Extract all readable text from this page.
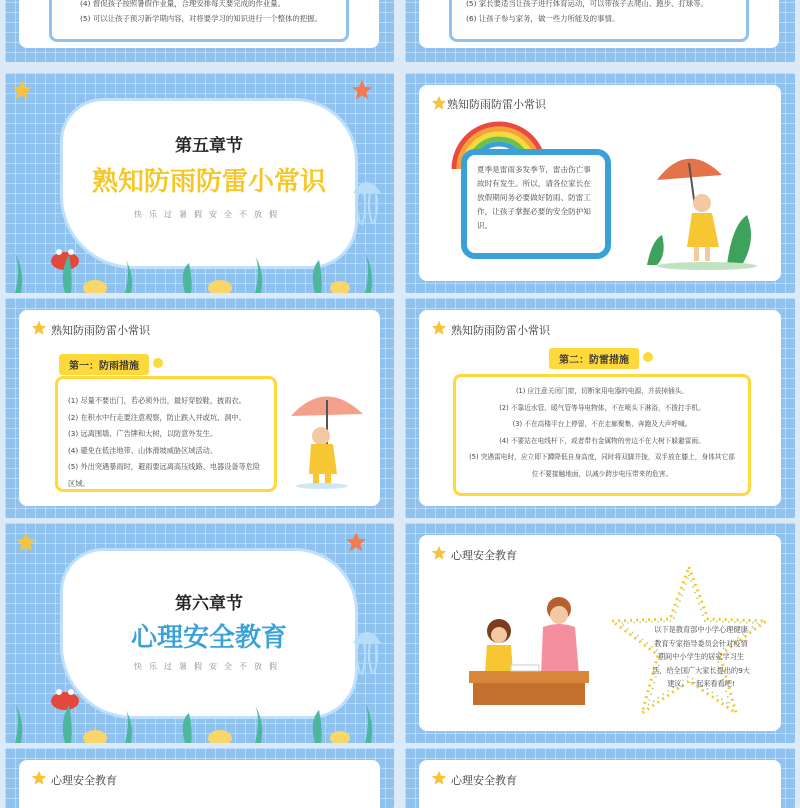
(4) 督促孩子按照暑假作业量，合理安排每天要完成的作业量。
(5) 可以让孩子预习新学期内容，对将要学习的知识进行一个整体的把握。
(5) 家长要适当让孩子进行体育运动，可以带孩子去爬山、跑步、打球等。
(6) 让孩子参与家务，做一些力所能及的事情。
第五章节
熟知防雨防雷小常识
快乐过暑假安全不放假
熟知防雨防雷小常识
夏季是雷雨多发季节，雷击伤亡事故时有发生。所以，请各位家长在放假期间务必要做好防雨、防雷工作，让孩子掌握必要的安全防护知识。
熟知防雨防雷小常识
第一：防雨措施
(1) 尽量不要出门，若必须外出，最好穿胶鞋，披雨衣。
(2) 在积水中行走要注意观察，防止跌入井或坑、洞中。
(3) 远离围墙、广告牌和大树，以防意外发生。
(4) 避免在低洼地带、山体滑坡威胁区域活动。
(5) 外出突遇暴雨时，避雨要远离高压线路、电器设备等危险区域。
熟知防雨防雷小常识
第二：防雷措施
(1) 应注意关闭门窗，切断家用电器的电源，并拔掉插头。
(2) 不靠近水管、暖气管等导电物体，不在喷头下淋浴，不拨打手机。
(3) 不在高楼平台上停留，不在走廊聚集、奔跑及大声呼喊。
(4) 不要站在电线杆下，或者带有金属物的旁边不在大树下躲避雷雨。
(5) 突遇雷电时，应立即下蹲降低自身高度，同时将双脚并拢，双手放在膝上，身体其它部位不要接触地面，以减少跨步电压带来的危害。
第六章节
心理安全教育
快乐过暑假安全不放假
心理安全教育
以下是教育部中小学心理健康教育专家指导委员会针对疫情期间中小学生的居家学习生活，给全国广大家长提出的9大建议，一起来看看吧!
心理安全教育	心理安全教育
